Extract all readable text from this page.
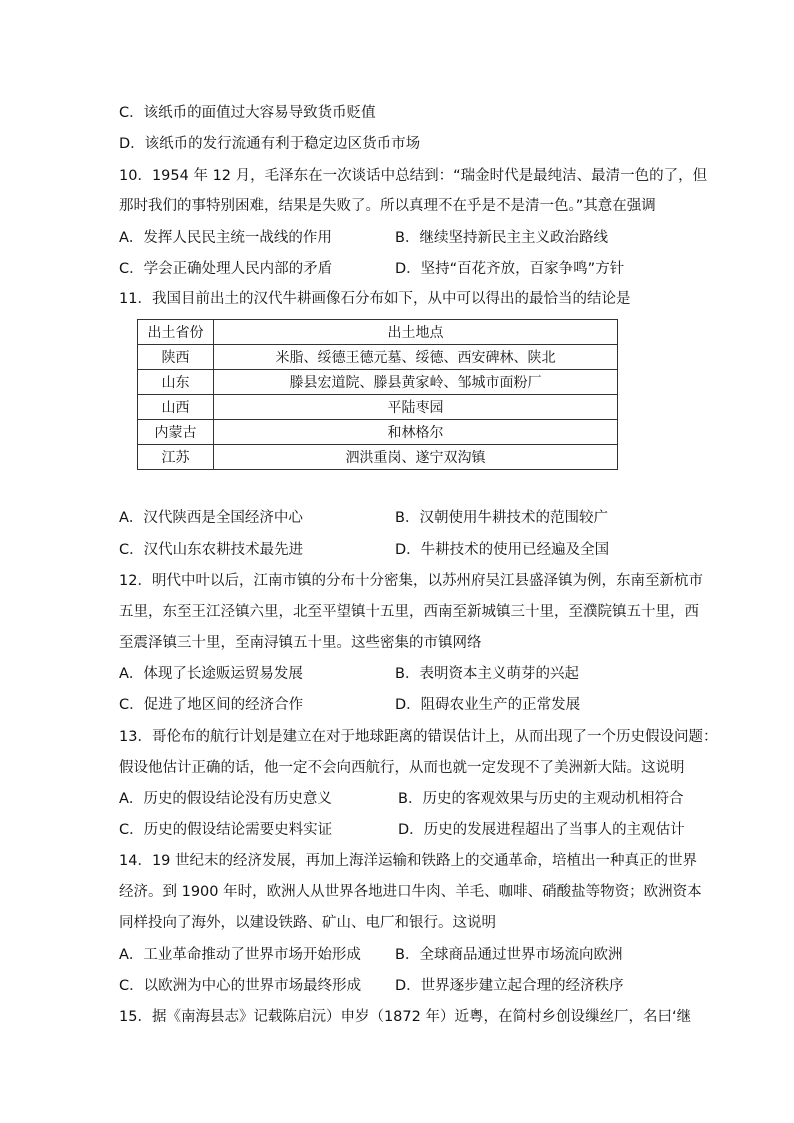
C．该纸币的面值过大容易导致货币贬值
D．该纸币的发行流通有利于稳定边区货币市场
10．1954 年 12 月，毛泽东在一次谈话中总结到：“瑞金时代是最纯洁、最清一色的了，但
那时我们的事特别困难，结果是失败了。所以真理不在乎是不是清一色。”其意在强调
A．发挥人民民主统一战线的作用	B．继续坚持新民主主义政治路线
C．学会正确处理人民内部的矛盾	D．坚持“百花齐放，百家争鸣”方针
11．我国目前出土的汉代牛耕画像石分布如下，从中可以得出的最恰当的结论是
出土省份	出土地点
陕西	米脂、绥德王德元墓、绥德、西安碑林、陕北
山东	滕县宏道院、滕县黄家岭、邹城市面粉厂
山西	平陆枣园
内蒙古	和林格尔
江苏	泗洪重岗、遂宁双沟镇
A．汉代陕西是全国经济中心	B．汉朝使用牛耕技术的范围较广
C．汉代山东农耕技术最先进	D．牛耕技术的使用已经遍及全国
12．明代中叶以后，江南市镇的分布十分密集，以苏州府吴江县盛泽镇为例，东南至新杭市
五里，东至王江泾镇六里，北至平望镇十五里，西南至新城镇三十里，至濮院镇五十里，西
至震泽镇三十里，至南浔镇五十里。这些密集的市镇网络
A．体现了长途贩运贸易发展	B．表明资本主义萌芽的兴起
C．促进了地区间的经济合作	D．阻碍农业生产的正常发展
13．哥伦布的航行计划是建立在对于地球距离的错误估计上，从而出现了一个历史假设问题：
假设他估计正确的话，他一定不会向西航行，从而也就一定发现不了美洲新大陆。这说明
A．历史的假设结论没有历史意义	B．历史的客观效果与历史的主观动机相符合
C．历史的假设结论需要史料实证	D．历史的发展进程超出了当事人的主观估计
14．19 世纪末的经济发展，再加上海洋运输和铁路上的交通革命，培植出一种真正的世界
经济。到 1900 年时，欧洲人从世界各地进口牛肉、羊毛、咖啡、硝酸盐等物资；欧洲资本
同样投向了海外，以建设铁路、矿山、电厂和银行。这说明
A．工业革命推动了世界市场开始形成 B．全球商品通过世界市场流向欧洲
C．以欧洲为中心的世界市场最终形成 D．世界逐步建立起合理的经济秩序
15．据《南海县志》记载陈启沅）申岁（1872 年）近粤，在简村乡创设缫丝厂，名曰‘继
